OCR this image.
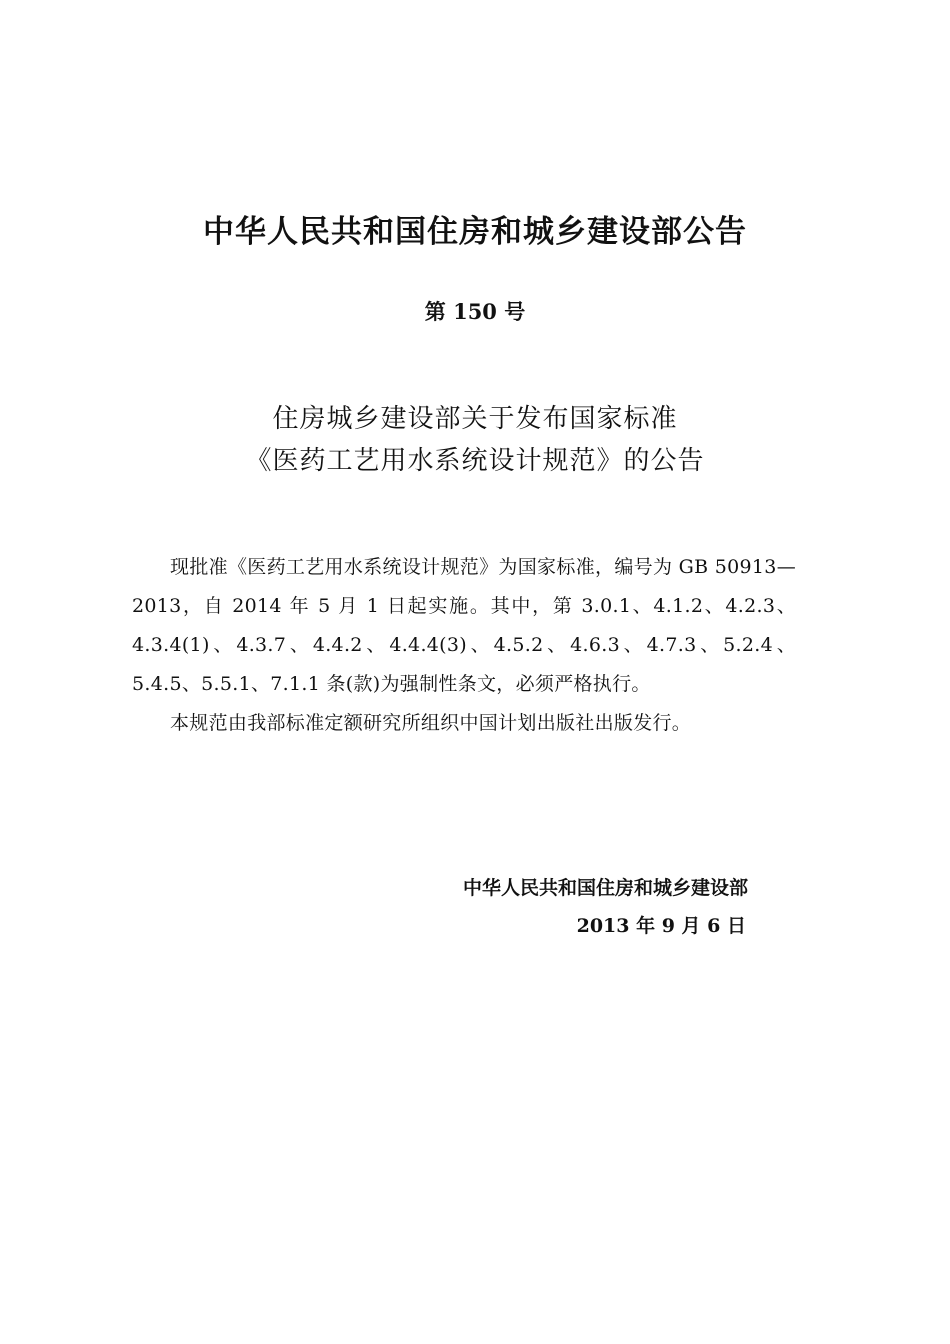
中华人民共和国住房和城乡建设部公告
第 150 号
住房城乡建设部关于发布国家标准
《医药工艺用水系统设计规范》的公告

现批准《医药工艺用水系统设计规范》为国家标准，编号为 GB 50913—2013，自 2014 年 5 月 1 日起实施。其中，第 3.0.1、4.1.2、4.2.3、4.3.4(1)、4.3.7、4.4.2、4.4.4(3)、4.5.2、4.6.3、4.7.3、5.2.4、5.4.5、5.5.1、7.1.1 条(款)为强制性条文，必须严格执行。

本规范由我部标准定额研究所组织中国计划出版社出版发行。

中华人民共和国住房和城乡建设部
2013 年 9 月 6 日
